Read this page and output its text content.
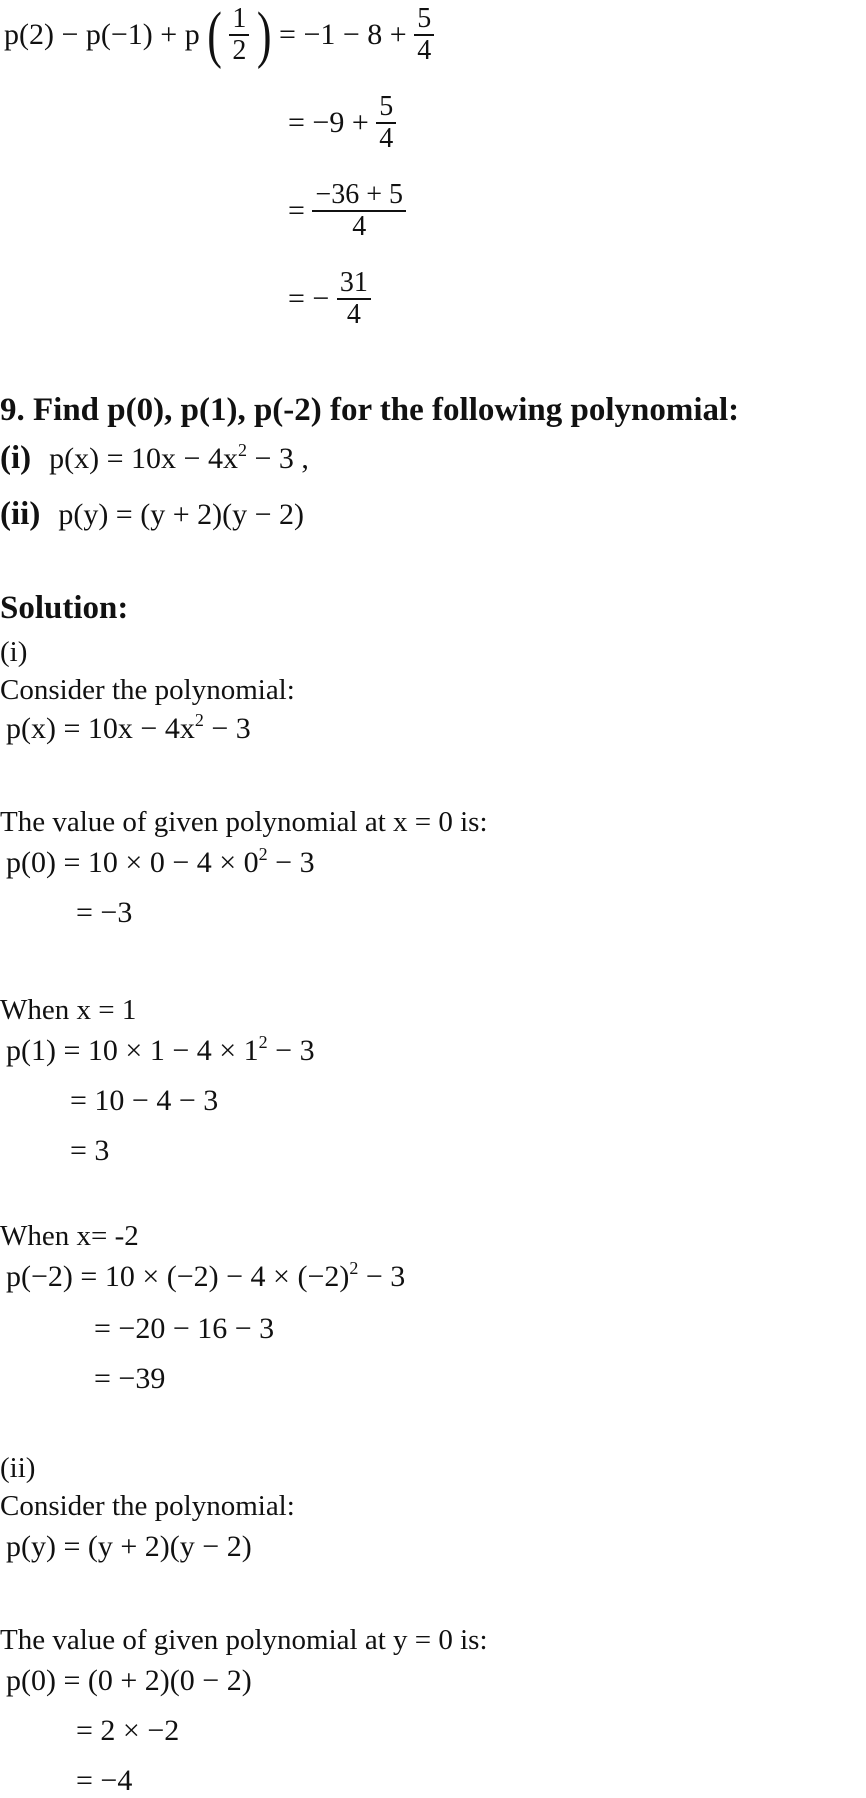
p(2) − p(−1) + p ( $\frac{1}{2}$ ) = $-1 - 8 + \frac{5}{4}$
= $-9 + \frac{5}{4}$
= $\frac{-36 + 5}{4}$
= − $\frac{31}{4}$
9. Find p(0), p(1), p(-2) for the following polynomial:
(i) $p(x) = 10x - 4x^2 - 3$ ,
(ii) p(y) = (y + 2)(y − 2)
Solution:
(i)
Consider the polynomial:
$p(x) = 10x - 4x^2 - 3$
The value of given polynomial at x = 0 is:
$p(0) = 10 \times 0 - 4 \times 0^2 - 3$
= −3
When x = 1
$p(1) = 10 \times 1 - 4 \times 1^2 - 3$
= 10 − 4 − 3
= 3
When x= -2
$p(-2) = 10 \times (-2) - 4 \times (-2)^2 - 3$
= −20 − 16 − 3
= −39
(ii)
Consider the polynomial:
p(y) = (y + 2)(y − 2)
The value of given polynomial at y = 0 is:
p(0) = (0 + 2)(0 − 2)
= 2 × −2
= −4
